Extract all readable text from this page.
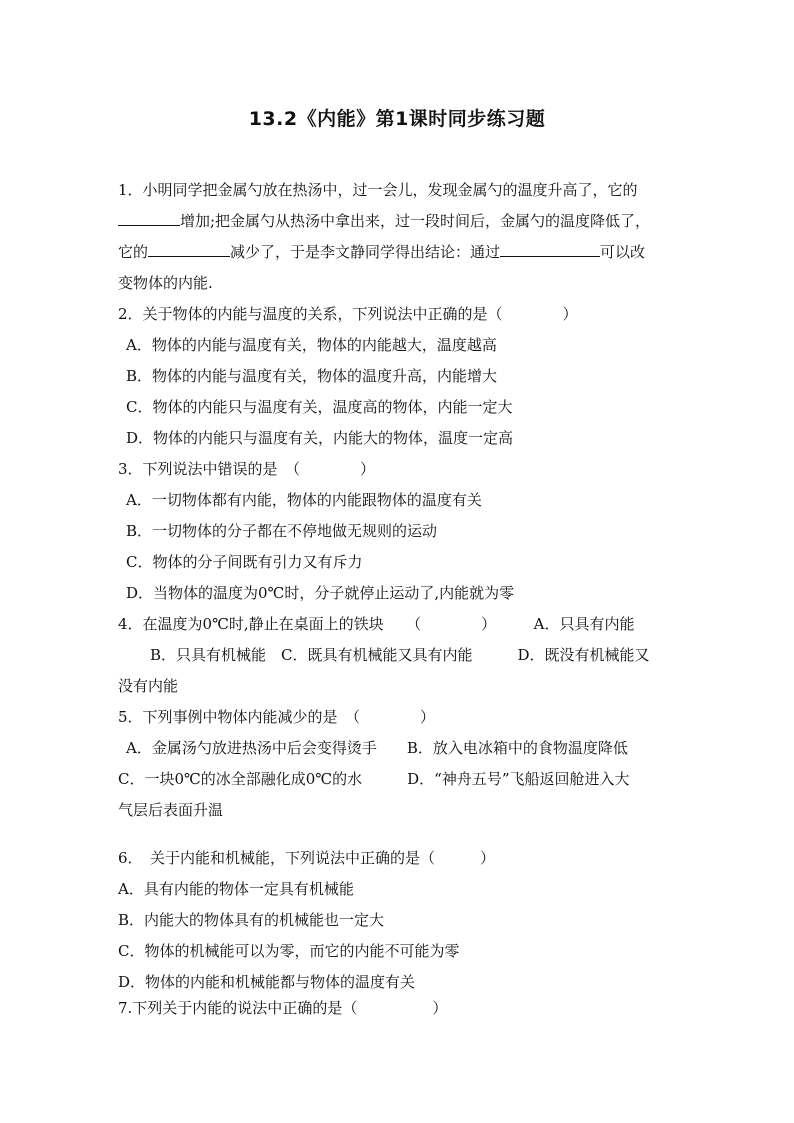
13.2《内能》第1课时同步练习题
1．小明同学把金属勺放在热汤中，过一会儿，发现金属勺的温度升高了，它的
增加;把金属勺从热汤中拿出来，过一段时间后，金属勺的温度降低了，
它的	减少了，于是李文静同学得出结论：通过	可以改
变物体的内能.
2．关于物体的内能与温度的关系，下列说法中正确的是（　　　　）
A．物体的内能与温度有关，物体的内能越大，温度越高
B．物体的内能与温度有关，物体的温度升高，内能增大
C．物体的内能只与温度有关，温度高的物体，内能一定大
D．物体的内能只与温度有关，内能大的物体，温度一定高
3．下列说法中错误的是　（　　　　）
A．一切物体都有内能，物体的内能跟物体的温度有关
B．一切物体的分子都在不停地做无规则的运动
C．物体的分子间既有引力又有斥力
D．当物体的温度为0℃时，分子就停止运动了,内能就为零
4．在温度为0℃时,静止在桌面上的铁块　　（　　　　）　　　A．只具有内能
B．只具有机械能　C．既具有机械能又具有内能　　　D．既没有机械能又
没有内能
5．下列事例中物体内能减少的是　（　　　　）
A．金属汤勺放进热汤中后会变得烫手　　B．放入电冰箱中的食物温度降低
C．一块0℃的冰全部融化成0℃的水　　　D．“神舟五号”飞船返回舱进入大
气层后表面升温
6．　关于内能和机械能，下列说法中正确的是（　　　）
A．具有内能的物体一定具有机械能
B．内能大的物体具有的机械能也一定大
C．物体的机械能可以为零，而它的内能不可能为零
D．物体的内能和机械能都与物体的温度有关
7.下列关于内能的说法中正确的是（　　　　　）
